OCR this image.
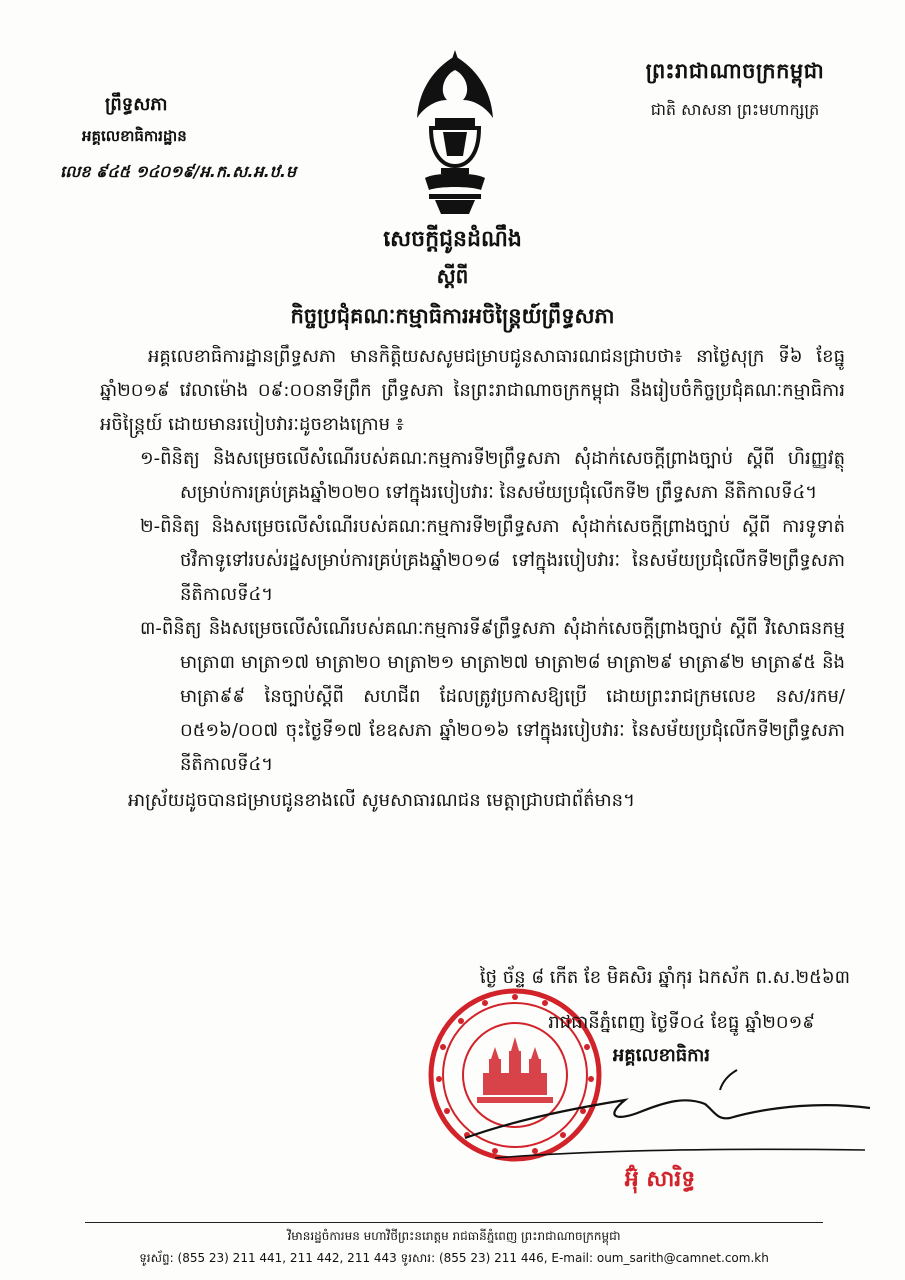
ព្រះរាជាណាចក្រកម្ពុជា
ជាតិ សាសនា ព្រះមហាក្សត្រ
ព្រឹទ្ធសភា
អគ្គលេខាធិការដ្ឋាន
លេខ ៩៤៥ ១៤០១៩/អ.ក.ស.អ.ឋ.ម
សេចក្ដីជូនដំណឹង
ស្ដីពី
កិច្ចប្រជុំគណៈកម្មាធិការអចិន្ត្រៃយ៍ព្រឹទ្ធសភា

អគ្គលេខាធិការដ្ឋានព្រឹទ្ធសភា មានកិត្តិយសសូមជម្រាបជូនសាធារណជនជ្រាបថា៖ នាថ្ងៃសុក្រ ទី៦ ខែធ្នូ ឆ្នាំ២០១៩ វេលាម៉ោង ០៩:០០នាទីព្រឹក ព្រឹទ្ធសភា នៃព្រះរាជាណាចក្រកម្ពុជា នឹងរៀបចំកិច្ចប្រជុំគណៈកម្មាធិការអចិន្ត្រៃយ៍ ដោយមានរបៀបវារៈដូចខាងក្រោម ៖

១-ពិនិត្យ និងសម្រេចលើសំណើរបស់គណៈកម្មការទី២ព្រឹទ្ធសភា សុំដាក់សេចក្ដីព្រាងច្បាប់ ស្ដីពី ហិរញ្ញវត្ថុសម្រាប់ការគ្រប់គ្រងឆ្នាំ២០២០ ទៅក្នុងរបៀបវារៈ នៃសម័យប្រជុំលើកទី២ ព្រឹទ្ធសភា នីតិកាលទី៤។

២-ពិនិត្យ និងសម្រេចលើសំណើរបស់គណៈកម្មការទី២ព្រឹទ្ធសភា សុំដាក់សេចក្ដីព្រាងច្បាប់ ស្ដីពី ការទូទាត់ថវិកាទូទៅរបស់រដ្ឋសម្រាប់ការគ្រប់គ្រងឆ្នាំ២០១៨ ទៅក្នុងរបៀបវារៈ នៃសម័យប្រជុំលើកទី២ព្រឹទ្ធសភា នីតិកាលទី៤។

៣-ពិនិត្យ និងសម្រេចលើសំណើរបស់គណៈកម្មការទី៩ព្រឹទ្ធសភា សុំដាក់សេចក្ដីព្រាងច្បាប់ ស្ដីពី វិសោធនកម្មមាត្រា៣ មាត្រា១៧ មាត្រា២០ មាត្រា២១ មាត្រា២៧ មាត្រា២៨ មាត្រា២៩ មាត្រា៩២ មាត្រា៩៥ និងមាត្រា៩៩ នៃច្បាប់ស្ដីពី សហជីព ដែលត្រូវប្រកាសឱ្យប្រើ ដោយព្រះរាជក្រមលេខ នស/រកម/០៥១៦/០០៧ ចុះថ្ងៃទី១៧ ខែឧសភា ឆ្នាំ២០១៦ ទៅក្នុងរបៀបវារៈ នៃសម័យប្រជុំលើកទី២ព្រឹទ្ធសភា នីតិកាលទី៤។

អាស្រ័យដូចបានជម្រាបជូនខាងលើ សូមសាធារណជន មេត្តាជ្រាបជាព័ត៌មាន។

ថ្ងៃ ច័ន្ទ ៨ កើត ខែ មិគសិរ ឆ្នាំកុរ ឯកស័ក ព.ស.២៥៦៣
រាជធានីភ្នំពេញ ថ្ងៃទី០៤ ខែធ្នូ ឆ្នាំ២០១៩
អគ្គលេខាធិការ
អ៊ុំ សារិទ្ធ
វិមានរដ្ឋចំការមន មហាវិថីព្រះនរោត្តម រាជធានីភ្នំពេញ ព្រះរាជាណាចក្រកម្ពុជា
ទូរស័ព្ទ: (855 23) 211 441, 211 442, 211 443 ទូរសារ: (855 23) 211 446, E-mail: oum_sarith@camnet.com.kh
